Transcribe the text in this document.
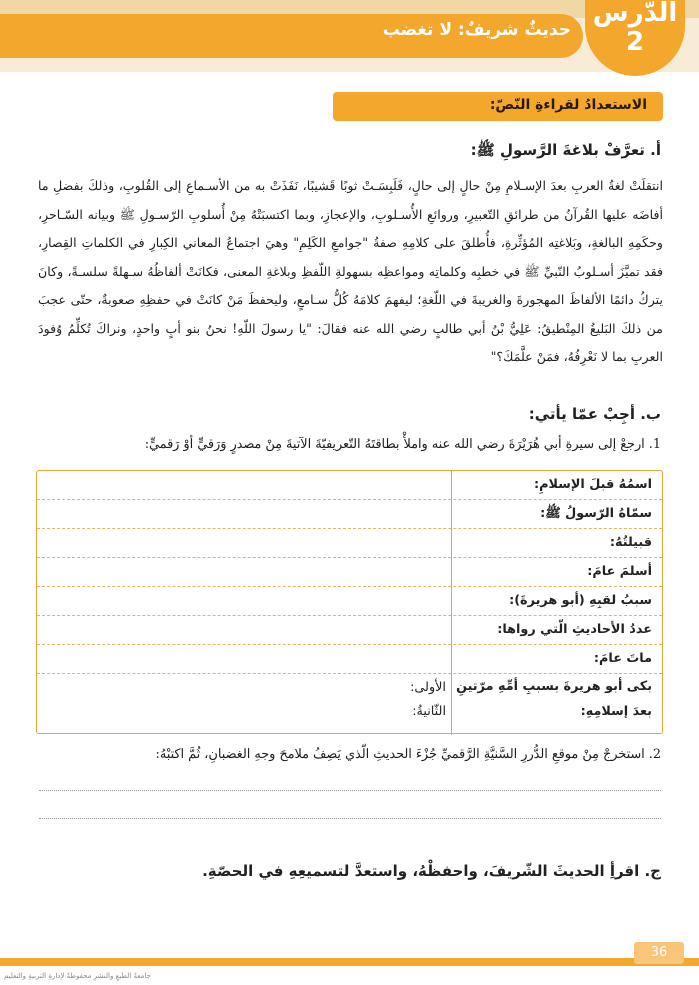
حديثٌ شريفٌ: لا تغضب
الدّرس
2
الاستعدادُ لقراءةِ النّصّ:
أ. تعرَّفْ بلاغةَ الرَّسولِ ﷺ:

انتقلَتْ لغةُ العربِ بعدَ الإسـلامِ مِنْ حالٍ إلى حالٍ، فَلَبِسَـتْ ثوبًا قَشيبًا، نَفَذَتْ به من الأسـماعِ إلى القُلوبِ، وذلكَ بفضلِ ما أفاضَه عليها القُرآنُ من طرائقِ التّعبيرِ، وروائعِ الأُسـلوبِ، والإعجازِ، وبما اكتسبَتْهُ مِنْ أُسلوبِ الرّسـولِ ﷺ وبيانه السّـاحرِ، وحكَمِهِ البالغةِ، وبَلاغتِه المُؤثِّرةِ، فأُطلقَ على كلامِهِ صفةُ "جوامعِ الكَلِمِ" وهيَ اجتماعُ المعاني الكِبارِ في الكلماتِ القِصارِ، فقد تميَّزَ أسـلوبُ النّبيِّ ﷺ في خطبِه وكلماتِه ومواعظِه بسهولةِ اللّفظِ وبلاغةِ المعنى، فكانَتْ ألفاظُهُ سـهلةً سلسـةً، وكانَ يتركُ دائمًا الألفاظَ المهجورةَ والغريبةَ في اللّغةِ؛ ليفهمَ كلامَهُ كُلُّ سـامعٍ، وليحفظَ مَنْ كانَتْ في حفظِهِ صعوبةٌ، حتّى عجبَ من ذلكَ البَليغُ المِنْطيقُ: عَلِيُّ بْنُ أبي طالبٍ رضي الله عنه فقالَ: "يا رسولَ اللّهِ! نحنُ بنو أبٍ واحدٍ، ونراكَ تُكلِّمُ وُفودَ العربِ بما لا نَعْرِفُهُ، فمَنْ علَّمَكَ؟"

ب. أجِبْ عمّا يأتي:
1. ارجعْ إلى سيرةِ أبي هُرَيْرَةَ رضي الله عنه واملأْ بطاقتَهُ التّعريفيّةَ الآتيةَ مِنْ مصدرٍ وَرَقيٍّ أوْ رَقميٍّ:
اسمُهُ قبلَ الإسلامِ:
سمّاهُ الرّسولُ ﷺ:
قبيلتُهُ:
أسلمَ عامَ:
سببُ لقبِهِ (أبو هريرةَ):
عددُ الأحاديثِ الّتي رواها:
ماتَ عامَ:
بكى أبو هريرةَ بسببِ أمِّهِ مرّتينِ بعدَ إسلامِهِ:
الأولى:
الثّانيةُ:
2. استخرجْ مِنْ موقعِ الدُّررِ السَّنيَّةِ الرَّقميِّ جُزْءَ الحديثِ الّذي يَصِفُ ملامحَ وجهِ الغضبانِ، ثُمَّ اكتبْهُ:
ج. اقرأِ الحديثَ الشّريفَ، واحفظْهُ، واستعدَّ لتسميعِهِ في الحصّةِ.
36
جامعةُ الطبعِ والنشرِ محفوظةٌ لإدارةِ التربيةِ والتعليم
